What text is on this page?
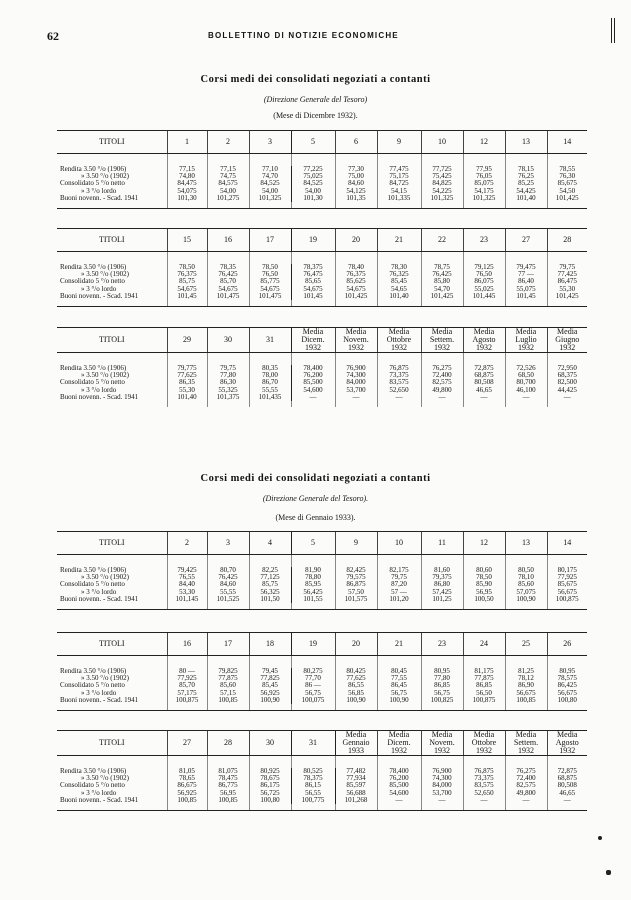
62	BOLLETTINO DI NOTIZIE ECONOMICHE
Corsi medi dei consolidati negoziati a contanti
(Direzione Generale del Tesoro)
(Mese di Dicembre 1932).
TITOLI	1	2	3	5	6	9	10	12	13	14

Rendita 3.50 °/o (1906)	77,15	77,15	77,10	77,225	77,30	77,475	77,725	77,95	78,15	78,55
» 3.50 °/o (1902)	74,80	74,75	74,70	75,025	75,00	75,175	75,425	76,05	76,25	76,30
Consolidato 5 °/o netto	84,475	84,575	84,525	84,525	84,60	84,725	84,825	85,075	85,25	85,675
» 3 °/o lordo	54,075	54,00	54,00	54,00	54,125	54,15	54,225	54,175	54,425	54,50
Buoni novenn. - Scad. 1941	101,30	101,275	101,325	101,30	101,35	101,335	101,325	101,325	101,40	101,425

TITOLI	15	16	17	19	20	21	22	23	27	28

Rendita 3.50 °/o (1906)	78,50	78,35	78,50	78,375	78,40	78,30	78,75	79,125	79,475	79,75
» 3.50 °/o (1902)	76,375	76,425	76,50	76,475	76,375	76,325	76,425	76,50	77 —	77,425
Consolidato 5 °/o netto	85,75	85,70	85,775	85,65	85,625	85,45	85,80	86,075	86,40	86,475
» 3 °/o lordo	54,675	54,675	54,675	54,675	54,675	54,65	54,70	55,025	55,075	55,30
Buoni novenn. - Scad. 1941	101,45	101,475	101,475	101,45	101,425	101,40	101,425	101,445	101,45	101,425

TITOLI	29	30	31	Media Dicem. 1932	Media Novem. 1932	Media Ottobre 1932	Media Settem. 1932	Media Agosto 1932	Media Luglio 1932	Media Giugno 1932

Rendita 3.50 °/o (1906)	79,775	79,75	80,35	78,400	76,900	76,875	76,275	72,875	72,526	72,950
» 3.50 °/o (1902)	77,625	77,80	78,00	76,200	74,300	73,375	72,400	68,875	68,50	68,375
Consolidato 5 °/o netto	86,35	86,30	86,70	85,500	84,000	83,575	82,575	80,508	80,700	82,500
» 3 °/o lordo	55,30	55,325	55,55	54,600	53,700	52,650	49,800	46,65	46,100	44,425
Buoni novenn. - Scad. 1941	101,40	101,375	101,435	—	—	—	—	—	—	—

Corsi medi dei consolidati negoziati a contanti
(Direzione Generale del Tesoro).
(Mese di Gennaio 1933).
TITOLI	2	3	4	5	9	10	11	12	13	14

Rendita 3.50 °/o (1906)	79,425	80,70	82,25	81,90	82,425	82,175	81,60	80,60	80,50	80,175
» 3.50 °/o (1902)	76,55	76,425	77,125	78,80	79,575	79,75	79,375	78,50	78,10	77,925
Consolidato 5 °/o netto	84,40	84,60	85,75	85,95	86,875	87,20	86,80	85,90	85,60	85,675
» 3 °/o lordo	53,30	55,55	56,325	56,425	57,50	57 —	57,425	56,95	57,075	56,675
Buoni novenn. - Scad. 1941	101,145	101,525	101,50	101,55	101,575	101,20	101,25	100,50	100,90	100,875

TITOLI	16	17	18	19	20	21	23	24	25	26

Rendita 3.50 °/o (1906)	80 —	79,825	79,45	80,275	80,425	80,45	80,95	81,175	81,25	80,95
» 3.50 °/o (1902)	77,925	77,875	77,825	77,70	77,625	77,55	77,80	77,875	78,12	78,575
Consolidato 5 °/o netto	85,70	85,60	85,45	86 —	86,55	86,45	86,85	86,85	86,90	86,425
» 3 °/o lordo	57,175	57,15	56,925	56,75	56,85	56,75	56,75	56,50	56,675	56,675
Buoni novenn. - Scad. 1941	100,875	100,85	100,90	100,075	100,90	100,90	100,825	100,875	100,85	100,80

TITOLI	27	28	30	31	Media Gennaio 1933	Media Dicem. 1932	Media Novem. 1932	Media Ottobre 1932	Media Settem. 1932	Media Agosto 1932

Rendita 3.50 °/o (1906)	81,05	81,075	80,925	80,525	77,482	78,400	76,900	76,875	76,275	72,875
» 3.50 °/o (1902)	78,65	78,475	78,675	78,375	77,934	76,200	74,300	73,375	72,400	68,875
Consolidato 5 °/o netto	86,675	86,775	86,175	86,15	85,597	85,500	84,000	83,575	82,575	80,508
» 3 °/o lordo	56,925	56,95	56,725	56,55	56,688	54,600	53,700	52,650	49,800	46,65
Buoni novenn. - Scad. 1941	100,85	100,85	100,80	100,775	101,268	—	—	—	—	—
